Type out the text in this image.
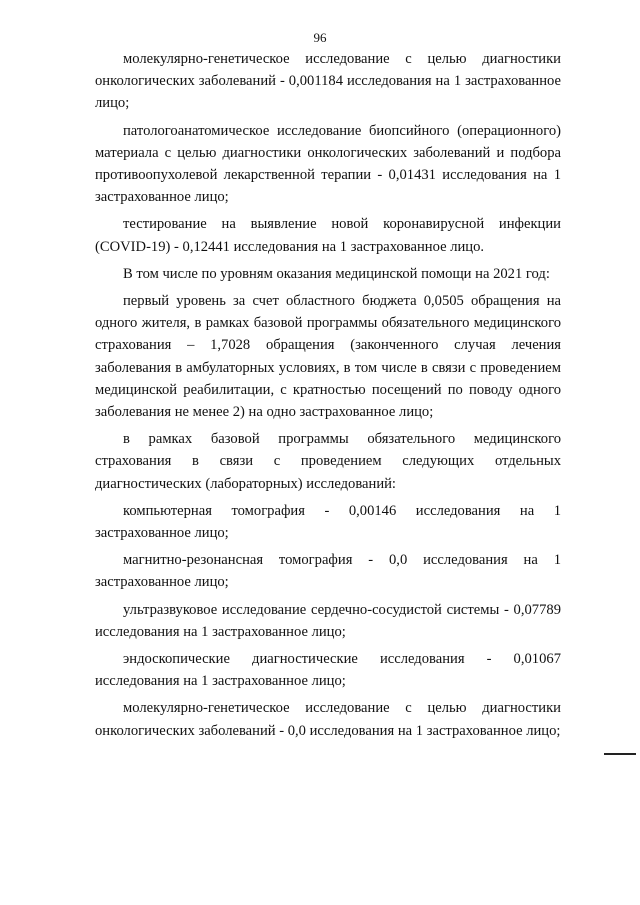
96

молекулярно-генетическое исследование с целью диагностики онкологических заболеваний - 0,001184 исследования на 1 застрахованное лицо;

патологоанатомическое исследование биопсийного (операционного) материала с целью диагностики онкологических заболеваний и подбора противоопухолевой лекарственной терапии - 0,01431 исследования на 1 застрахованное лицо;

тестирование на выявление новой коронавирусной инфекции (COVID-19) - 0,12441 исследования на 1 застрахованное лицо.

В том числе по уровням оказания медицинской помощи на 2021 год:

первый уровень за счет областного бюджета 0,0505 обращения на одного жителя, в рамках базовой программы обязательного медицинского страхования – 1,7028 обращения (законченного случая лечения заболевания в амбулаторных условиях, в том числе в связи с проведением медицинской реабилитации, с кратностью посещений по поводу одного заболевания не менее 2) на одно застрахованное лицо;

в рамках базовой программы обязательного медицинского страхования в связи с проведением следующих отдельных диагностических (лабораторных) исследований:

компьютерная томография - 0,00146 исследования на 1 застрахованное лицо;

магнитно-резонансная томография - 0,0 исследования на 1 застрахованное лицо;

ультразвуковое исследование сердечно-сосудистой системы - 0,07789 исследования на 1 застрахованное лицо;

эндоскопические диагностические исследования - 0,01067 исследования на 1 застрахованное лицо;

молекулярно-генетическое исследование с целью диагностики онкологических заболеваний - 0,0 исследования на 1 застрахованное лицо;
